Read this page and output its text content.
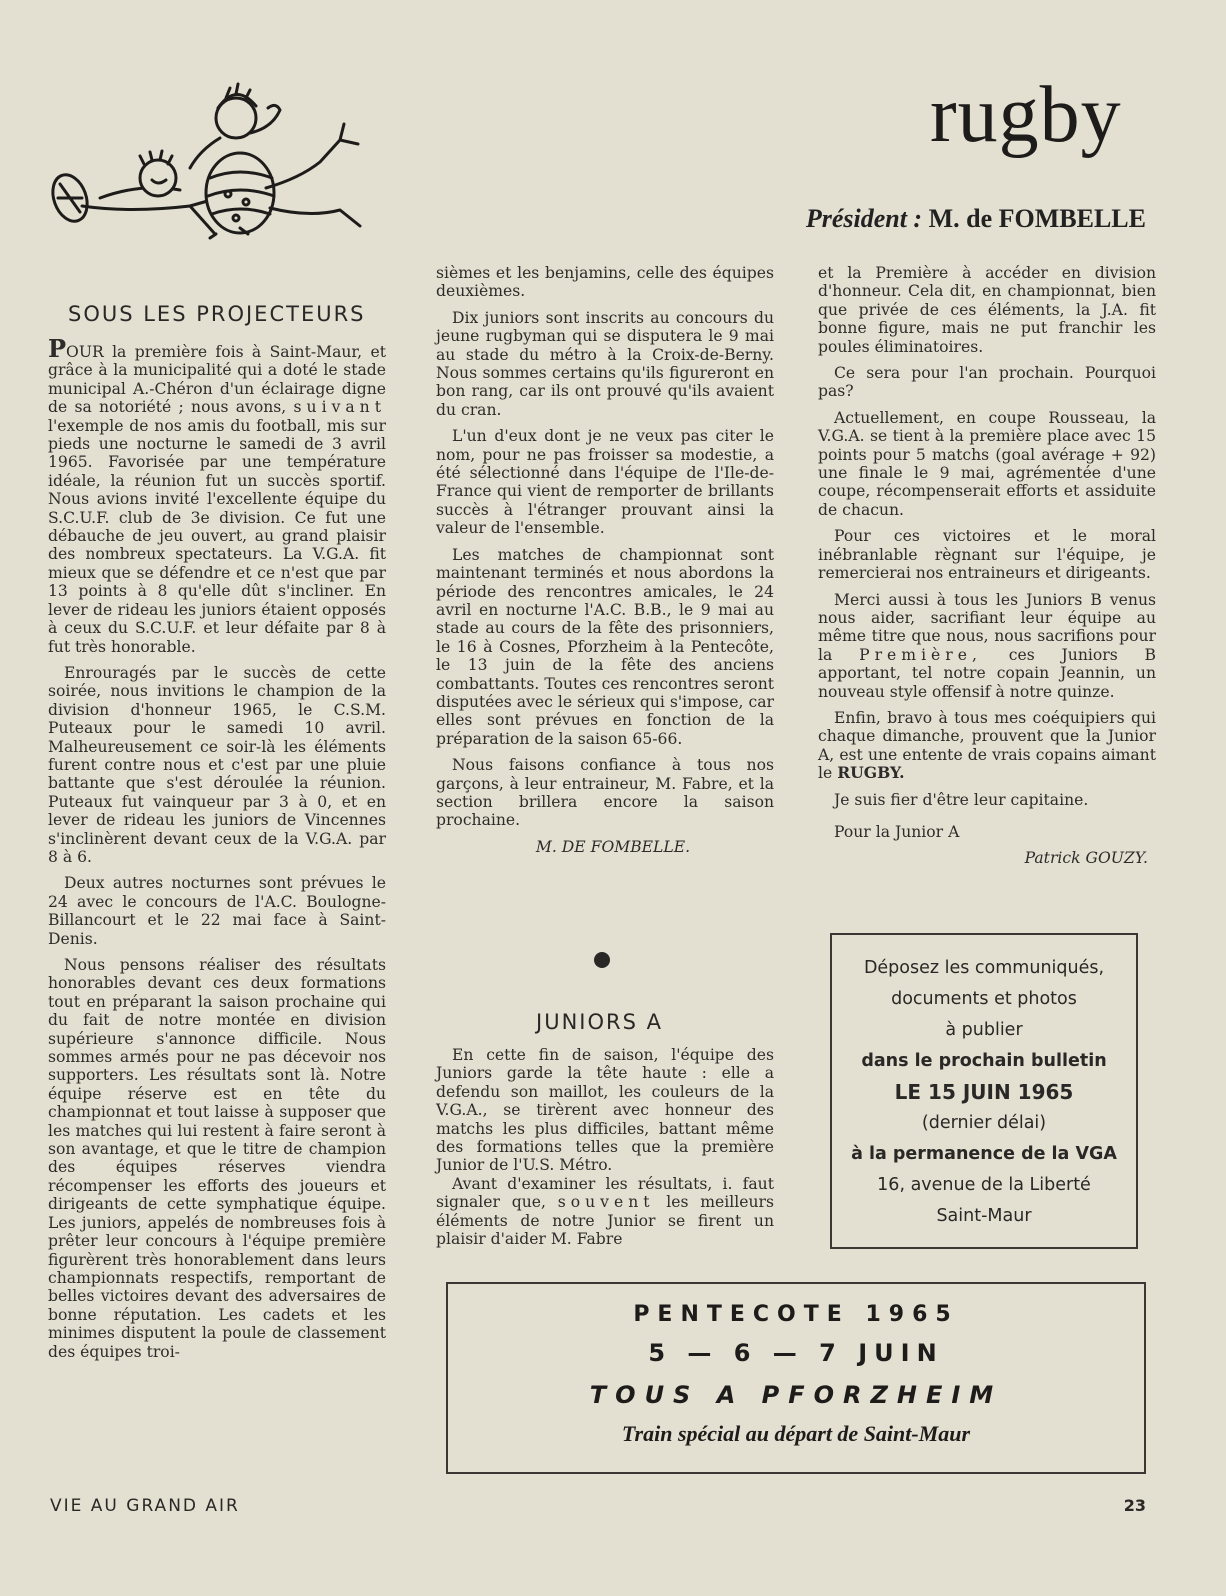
rugby
Président : M. de FOMBELLE
SOUS LES PROJECTEURS

POUR la première fois à Saint-Maur, et grâce à la municipalité qui a doté le stade municipal A.-Chéron d'un éclairage digne de sa notoriété ; nous avons, suivant l'exemple de nos amis du football, mis sur pieds une nocturne le samedi de 3 avril 1965. Favorisée par une température idéale, la réunion fut un succès sportif. Nous avions invité l'excellente équipe du S.C.U.F. club de 3e division. Ce fut une débauche de jeu ouvert, au grand plaisir des nombreux spectateurs. La V.G.A. fit mieux que se défendre et ce n'est que par 13 points à 8 qu'elle dût s'incliner. En lever de rideau les juniors étaient opposés à ceux du S.C.U.F. et leur défaite par 8 à fut très honorable.

Enrouragés par le succès de cette soirée, nous invitions le champion de la division d'honneur 1965, le C.S.M. Puteaux pour le samedi 10 avril. Malheureusement ce soir-là les éléments furent contre nous et c'est par une pluie battante que s'est déroulée la réunion. Puteaux fut vainqueur par 3 à 0, et en lever de rideau les juniors de Vincennes s'inclinèrent devant ceux de la V.G.A. par 8 à 6.

Deux autres nocturnes sont prévues le 24 avec le concours de l'A.C. Boulogne-Billancourt et le 22 mai face à Saint-Denis.

Nous pensons réaliser des résultats honorables devant ces deux formations tout en préparant la saison prochaine qui du fait de notre montée en division supérieure s'annonce difficile. Nous sommes armés pour ne pas décevoir nos supporters. Les résultats sont là. Notre équipe réserve est en tête du championnat et tout laisse à supposer que les matches qui lui restent à faire seront à son avantage, et que le titre de champion des équipes réserves viendra récompenser les efforts des joueurs et dirigeants de cette symphatique équipe. Les juniors, appelés de nombreuses fois à prêter leur concours à l'équipe première figurèrent très honorablement dans leurs championnats respectifs, remportant de belles victoires devant des adversaires de bonne réputation. Les cadets et les minimes disputent la poule de classement des équipes troi-

sièmes et les benjamins, celle des équipes deuxièmes.

Dix juniors sont inscrits au concours du jeune rugbyman qui se disputera le 9 mai au stade du métro à la Croix-de-Berny. Nous sommes certains qu'ils figureront en bon rang, car ils ont prouvé qu'ils avaient du cran.

L'un d'eux dont je ne veux pas citer le nom, pour ne pas froisser sa modestie, a été sélectionné dans l'équipe de l'Ile-de-France qui vient de remporter de brillants succès à l'étranger prouvant ainsi la valeur de l'ensemble.

Les matches de championnat sont maintenant terminés et nous abordons la période des rencontres amicales, le 24 avril en nocturne l'A.C. B.B., le 9 mai au stade au cours de la fête des prisonniers, le 16 à Cosnes, Pforzheim à la Pentecôte, le 13 juin de la fête des anciens combattants. Toutes ces rencontres seront disputées avec le sérieux qui s'impose, car elles sont prévues en fonction de la préparation de la saison 65-66.

Nous faisons confiance à tous nos garçons, à leur entraineur, M. Fabre, et la section brillera encore la saison prochaine.

M. DE FOMBELLE.

JUNIORS A

En cette fin de saison, l'équipe des Juniors garde la tête haute : elle a defendu son maillot, les couleurs de la V.G.A., se tirèrent avec honneur des matchs les plus difficiles, battant même des formations telles que la première Junior de l'U.S. Métro.

Avant d'examiner les résultats, i. faut signaler que, souvent les meilleurs éléments de notre Junior se firent un plaisir d'aider M. Fabre

et la Première à accéder en division d'honneur. Cela dit, en championnat, bien que privée de ces éléments, la J.A. fit bonne figure, mais ne put franchir les poules éliminatoires.

Ce sera pour l'an prochain. Pourquoi pas?

Actuellement, en coupe Rousseau, la V.G.A. se tient à la première place avec 15 points pour 5 matchs (goal avérage + 92) une finale le 9 mai, agrémentée d'une coupe, récompenserait efforts et assiduite de chacun.

Pour ces victoires et le moral inébranlable règnant sur l'équipe, je remercierai nos entraineurs et dirigeants.

Merci aussi à tous les Juniors B venus nous aider, sacrifiant leur équipe au même titre que nous, nous sacrifions pour la Première, ces Juniors B apportant, tel notre copain Jeannin, un nouveau style offensif à notre quinze.

Enfin, bravo à tous mes coéquipiers qui chaque dimanche, prouvent que la Junior A, est une entente de vrais copains aimant le RUGBY.

Je suis fier d'être leur capitaine.

Pour la Junior A

Patrick GOUZY.

Déposez les communiqués,
documents et photos
à publier
dans le prochain bulletin
LE 15 JUIN 1965
(dernier délai)
à la permanence de la VGA
16, avenue de la Liberté
Saint-Maur
PENTECOTE 1965
5 — 6 — 7 JUIN
TOUS A PFORZHEIM
Train spécial au départ de Saint-Maur
VIE AU GRAND AIR	23
